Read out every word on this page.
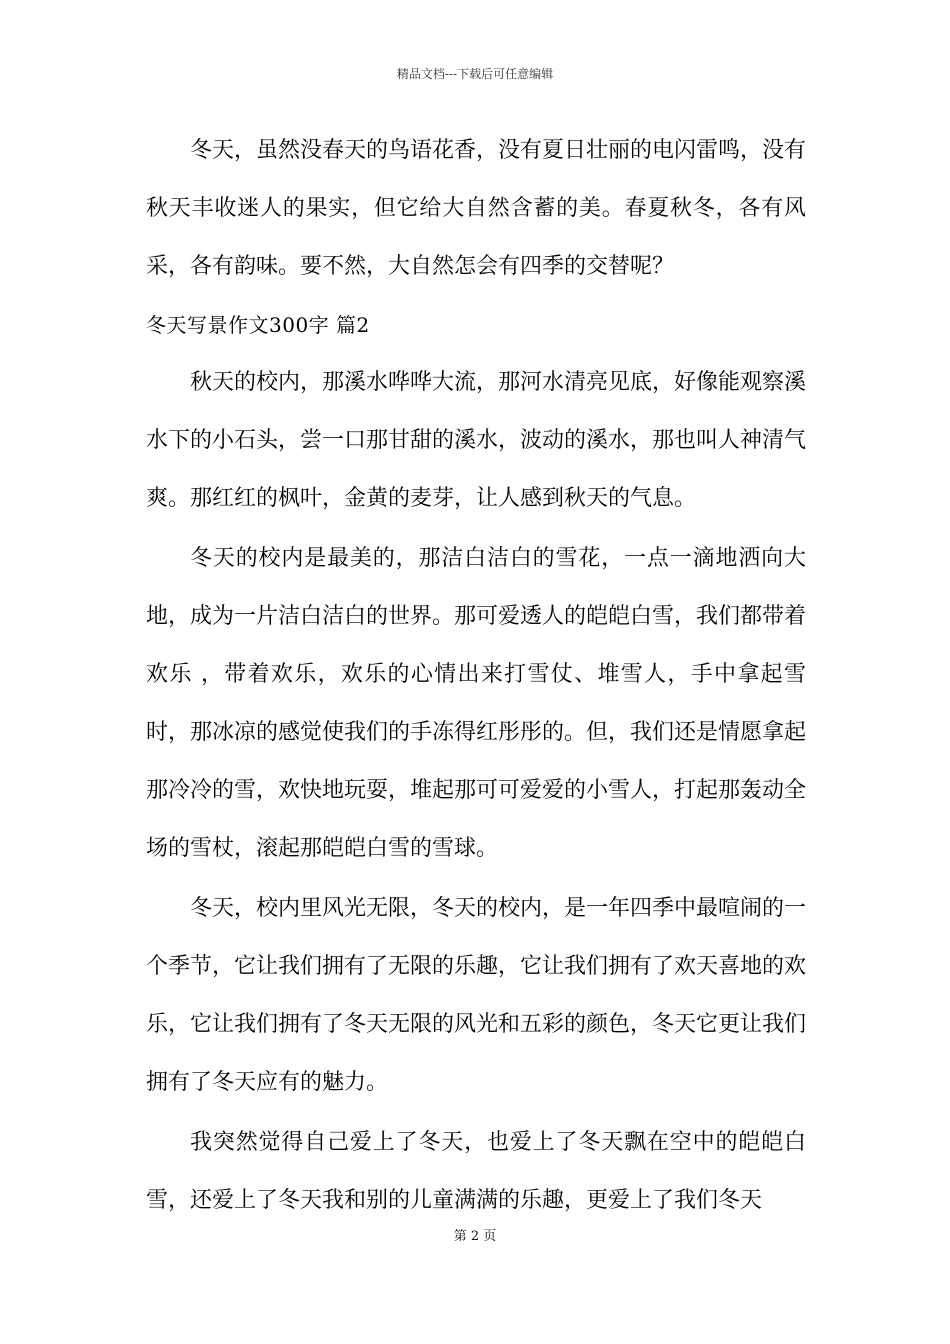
精品文档---下载后可任意编辑

冬天，虽然没春天的鸟语花香，没有夏日壮丽的电闪雷鸣，没有秋天丰收迷人的果实，但它给大自然含蓄的美。春夏秋冬，各有风采，各有韵味。要不然，大自然怎会有四季的交替呢？

冬天写景作文300字 篇2

秋天的校内，那溪水哗哗大流，那河水清亮见底，好像能观察溪水下的小石头，尝一口那甘甜的溪水，波动的溪水，那也叫人神清气爽。那红红的枫叶，金黄的麦芽，让人感到秋天的气息。

冬天的校内是最美的，那洁白洁白的雪花，一点一滴地洒向大地，成为一片洁白洁白的世界。那可爱透人的皑皑白雪，我们都带着欢乐 ，带着欢乐，欢乐的心情出来打雪仗、堆雪人，手中拿起雪时，那冰凉的感觉使我们的手冻得红彤彤的。但，我们还是情愿拿起那冷冷的雪，欢快地玩耍，堆起那可可爱爱的小雪人，打起那轰动全场的雪杖，滚起那皑皑白雪的雪球。

冬天，校内里风光无限，冬天的校内，是一年四季中最喧闹的一个季节，它让我们拥有了无限的乐趣，它让我们拥有了欢天喜地的欢乐，它让我们拥有了冬天无限的风光和五彩的颜色，冬天它更让我们拥有了冬天应有的魅力。

我突然觉得自己爱上了冬天，也爱上了冬天飘在空中的皑皑白雪，还爱上了冬天我和别的儿童满满的乐趣，更爱上了我们冬天

第 2 页
